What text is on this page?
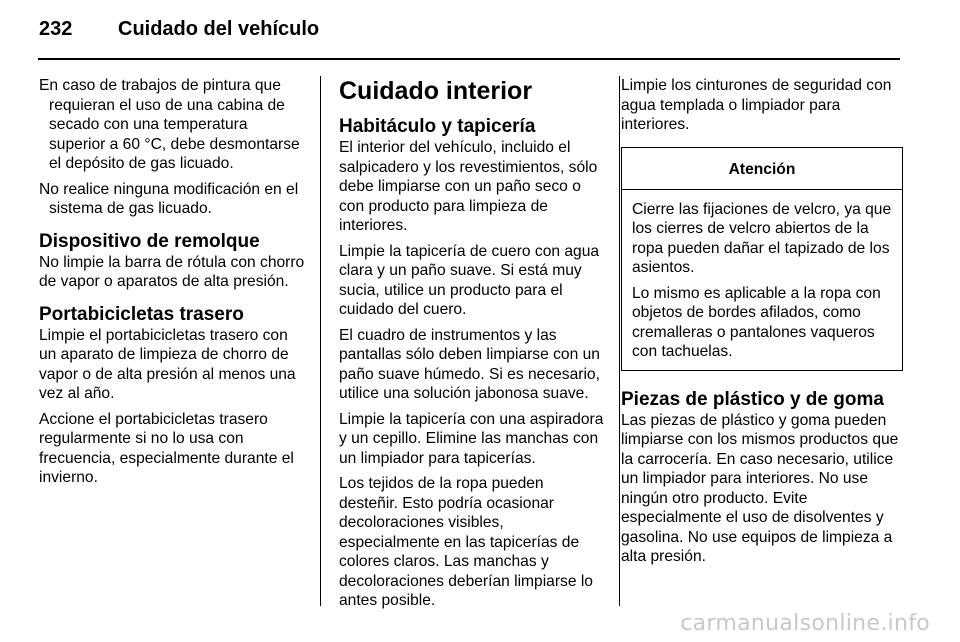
232 Cuidado del vehículo

En caso de trabajos de pintura que requieran el uso de una cabina de secado con una temperatura superior a 60 °C, debe desmontarse el depósito de gas licuado.

No realice ninguna modificación en el sistema de gas licuado.

Dispositivo de remolque

No limpie la barra de rótula con chorro de vapor o aparatos de alta presión.

Portabicicletas trasero

Limpie el portabicicletas trasero con un aparato de limpieza de chorro de vapor o de alta presión al menos una vez al año.

Accione el portabicicletas trasero regularmente si no lo usa con frecuencia, especialmente durante el invierno.

Cuidado interior
Habitáculo y tapicería

El interior del vehículo, incluido el salpicadero y los revestimientos, sólo debe limpiarse con un paño seco o con producto para limpieza de interiores.

Limpie la tapicería de cuero con agua clara y un paño suave. Si está muy sucia, utilice un producto para el cuidado del cuero.

El cuadro de instrumentos y las pantallas sólo deben limpiarse con un paño suave húmedo. Si es necesario, utilice una solución jabonosa suave.

Limpie la tapicería con una aspiradora y un cepillo. Elimine las manchas con un limpiador para tapicerías.

Los tejidos de la ropa pueden desteñir. Esto podría ocasionar decoloraciones visibles, especialmente en las tapicerías de colores claros. Las manchas y decoloraciones deberían limpiarse lo antes posible.

Limpie los cinturones de seguridad con agua templada o limpiador para interiores.

Atención

Cierre las fijaciones de velcro, ya que los cierres de velcro abiertos de la ropa pueden dañar el tapizado de los asientos.

Lo mismo es aplicable a la ropa con objetos de bordes afilados, como cremalleras o pantalones vaqueros con tachuelas.

Piezas de plástico y de goma

Las piezas de plástico y goma pueden limpiarse con los mismos productos que la carrocería. En caso necesario, utilice un limpiador para interiores. No use ningún otro producto. Evite especialmente el uso de disolventes y gasolina. No use equipos de limpieza a alta presión.

carmanualsonline.info
